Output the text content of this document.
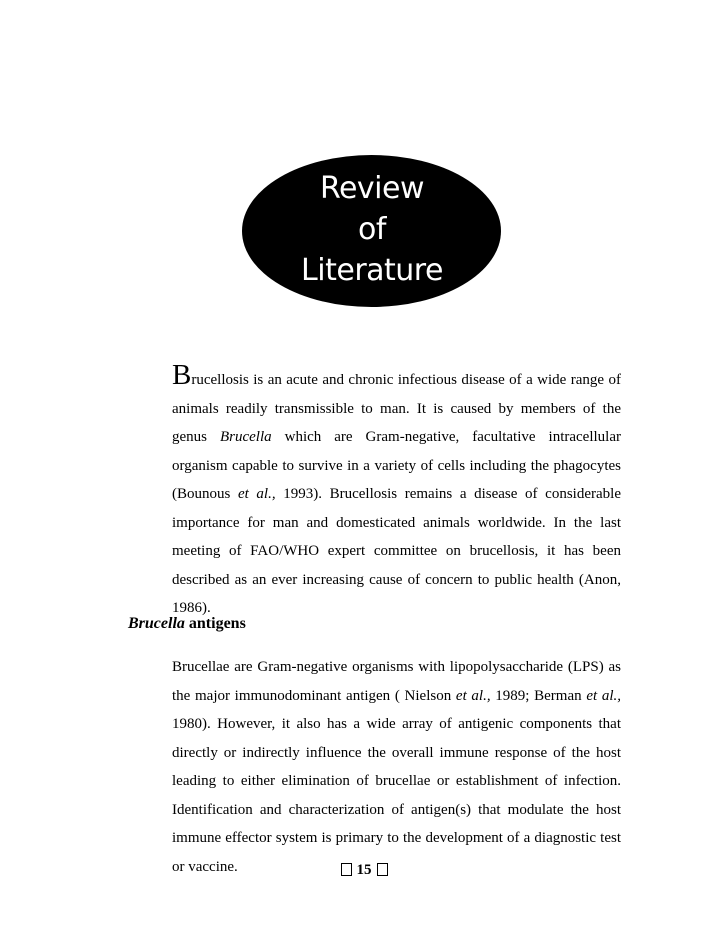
Review
of
Literature

Brucellosis is an acute and chronic infectious disease of a wide range of animals readily transmissible to man. It is caused by members of the genus Brucella which are Gram-negative, facultative intracellular organism capable to survive in a variety of cells including the phagocytes (Bounous et al., 1993). Brucellosis remains a disease of considerable importance for man and domesticated animals worldwide. In the last meeting of FAO/WHO expert committee on brucellosis, it has been described as an ever increasing cause of concern to public health (Anon, 1986).

Brucella antigens

Brucellae are Gram-negative organisms with lipopolysaccharide (LPS) as the major immunodominant antigen ( Nielson et al., 1989; Berman et al., 1980). However, it also has a wide array of antigenic components that directly or indirectly influence the overall immune response of the host leading to either elimination of brucellae or establishment of infection. Identification and characterization of antigen(s) that modulate the host immune effector system is primary to the development of a diagnostic test or vaccine.	15
